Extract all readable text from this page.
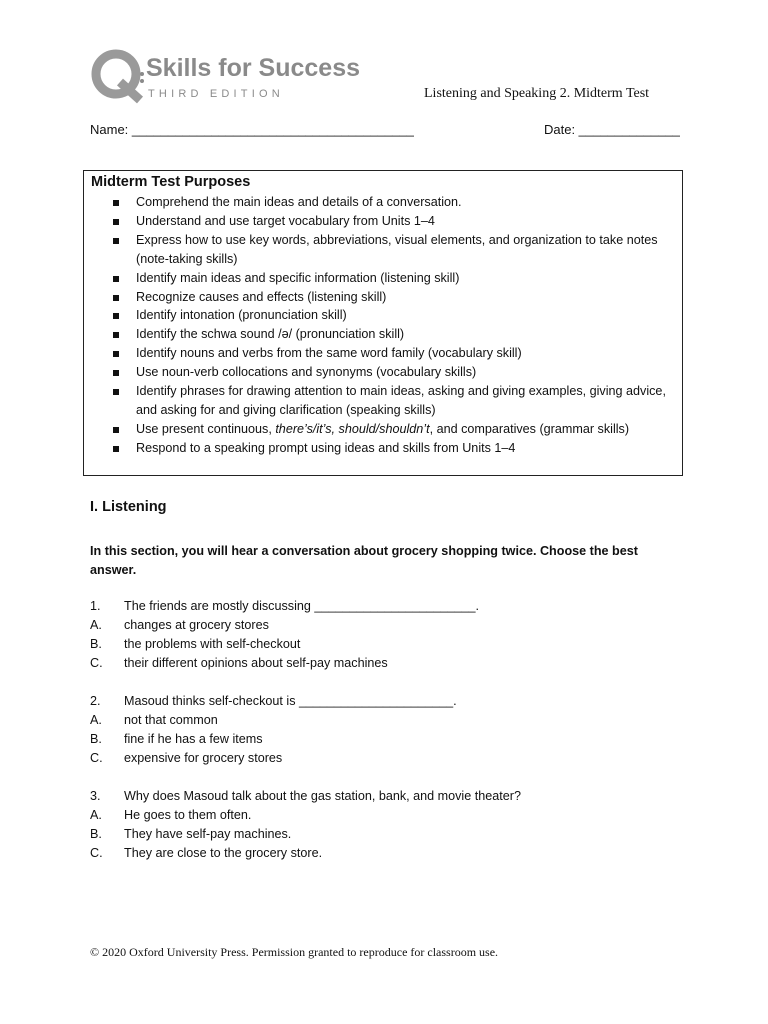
Skills for Success
THIRD EDITION	Listening and Speaking 2. Midterm Test
Name: _______________________________________	Date: ______________
Midterm Test Purposes
Comprehend the main ideas and details of a conversation.
Understand and use target vocabulary from Units 1–4
Express how to use key words, abbreviations, visual elements, and organization to take notes (note-taking skills)
Identify main ideas and specific information (listening skill)
Recognize causes and effects (listening skill)
Identify intonation (pronunciation skill)
Identify the schwa sound /ə/ (pronunciation skill)
Identify nouns and verbs from the same word family (vocabulary skill)
Use noun-verb collocations and synonyms (vocabulary skills)
Identify phrases for drawing attention to main ideas, asking and giving examples, giving advice, and asking for and giving clarification (speaking skills)
Use present continuous, there’s/it’s, should/shouldn’t, and comparatives (grammar skills)
Respond to a speaking prompt using ideas and skills from Units 1–4
I. Listening
In this section, you will hear a conversation about grocery shopping twice. Choose the best answer.
1. The friends are mostly discussing _______________________.
A. changes at grocery stores
B. the problems with self-checkout
C. their different opinions about self-pay machines
2. Masoud thinks self-checkout is ______________________.
A. not that common
B. fine if he has a few items
C. expensive for grocery stores
3. Why does Masoud talk about the gas station, bank, and movie theater?
A. He goes to them often.
B. They have self-pay machines.
C. They are close to the grocery store.
© 2020 Oxford University Press. Permission granted to reproduce for classroom use.
